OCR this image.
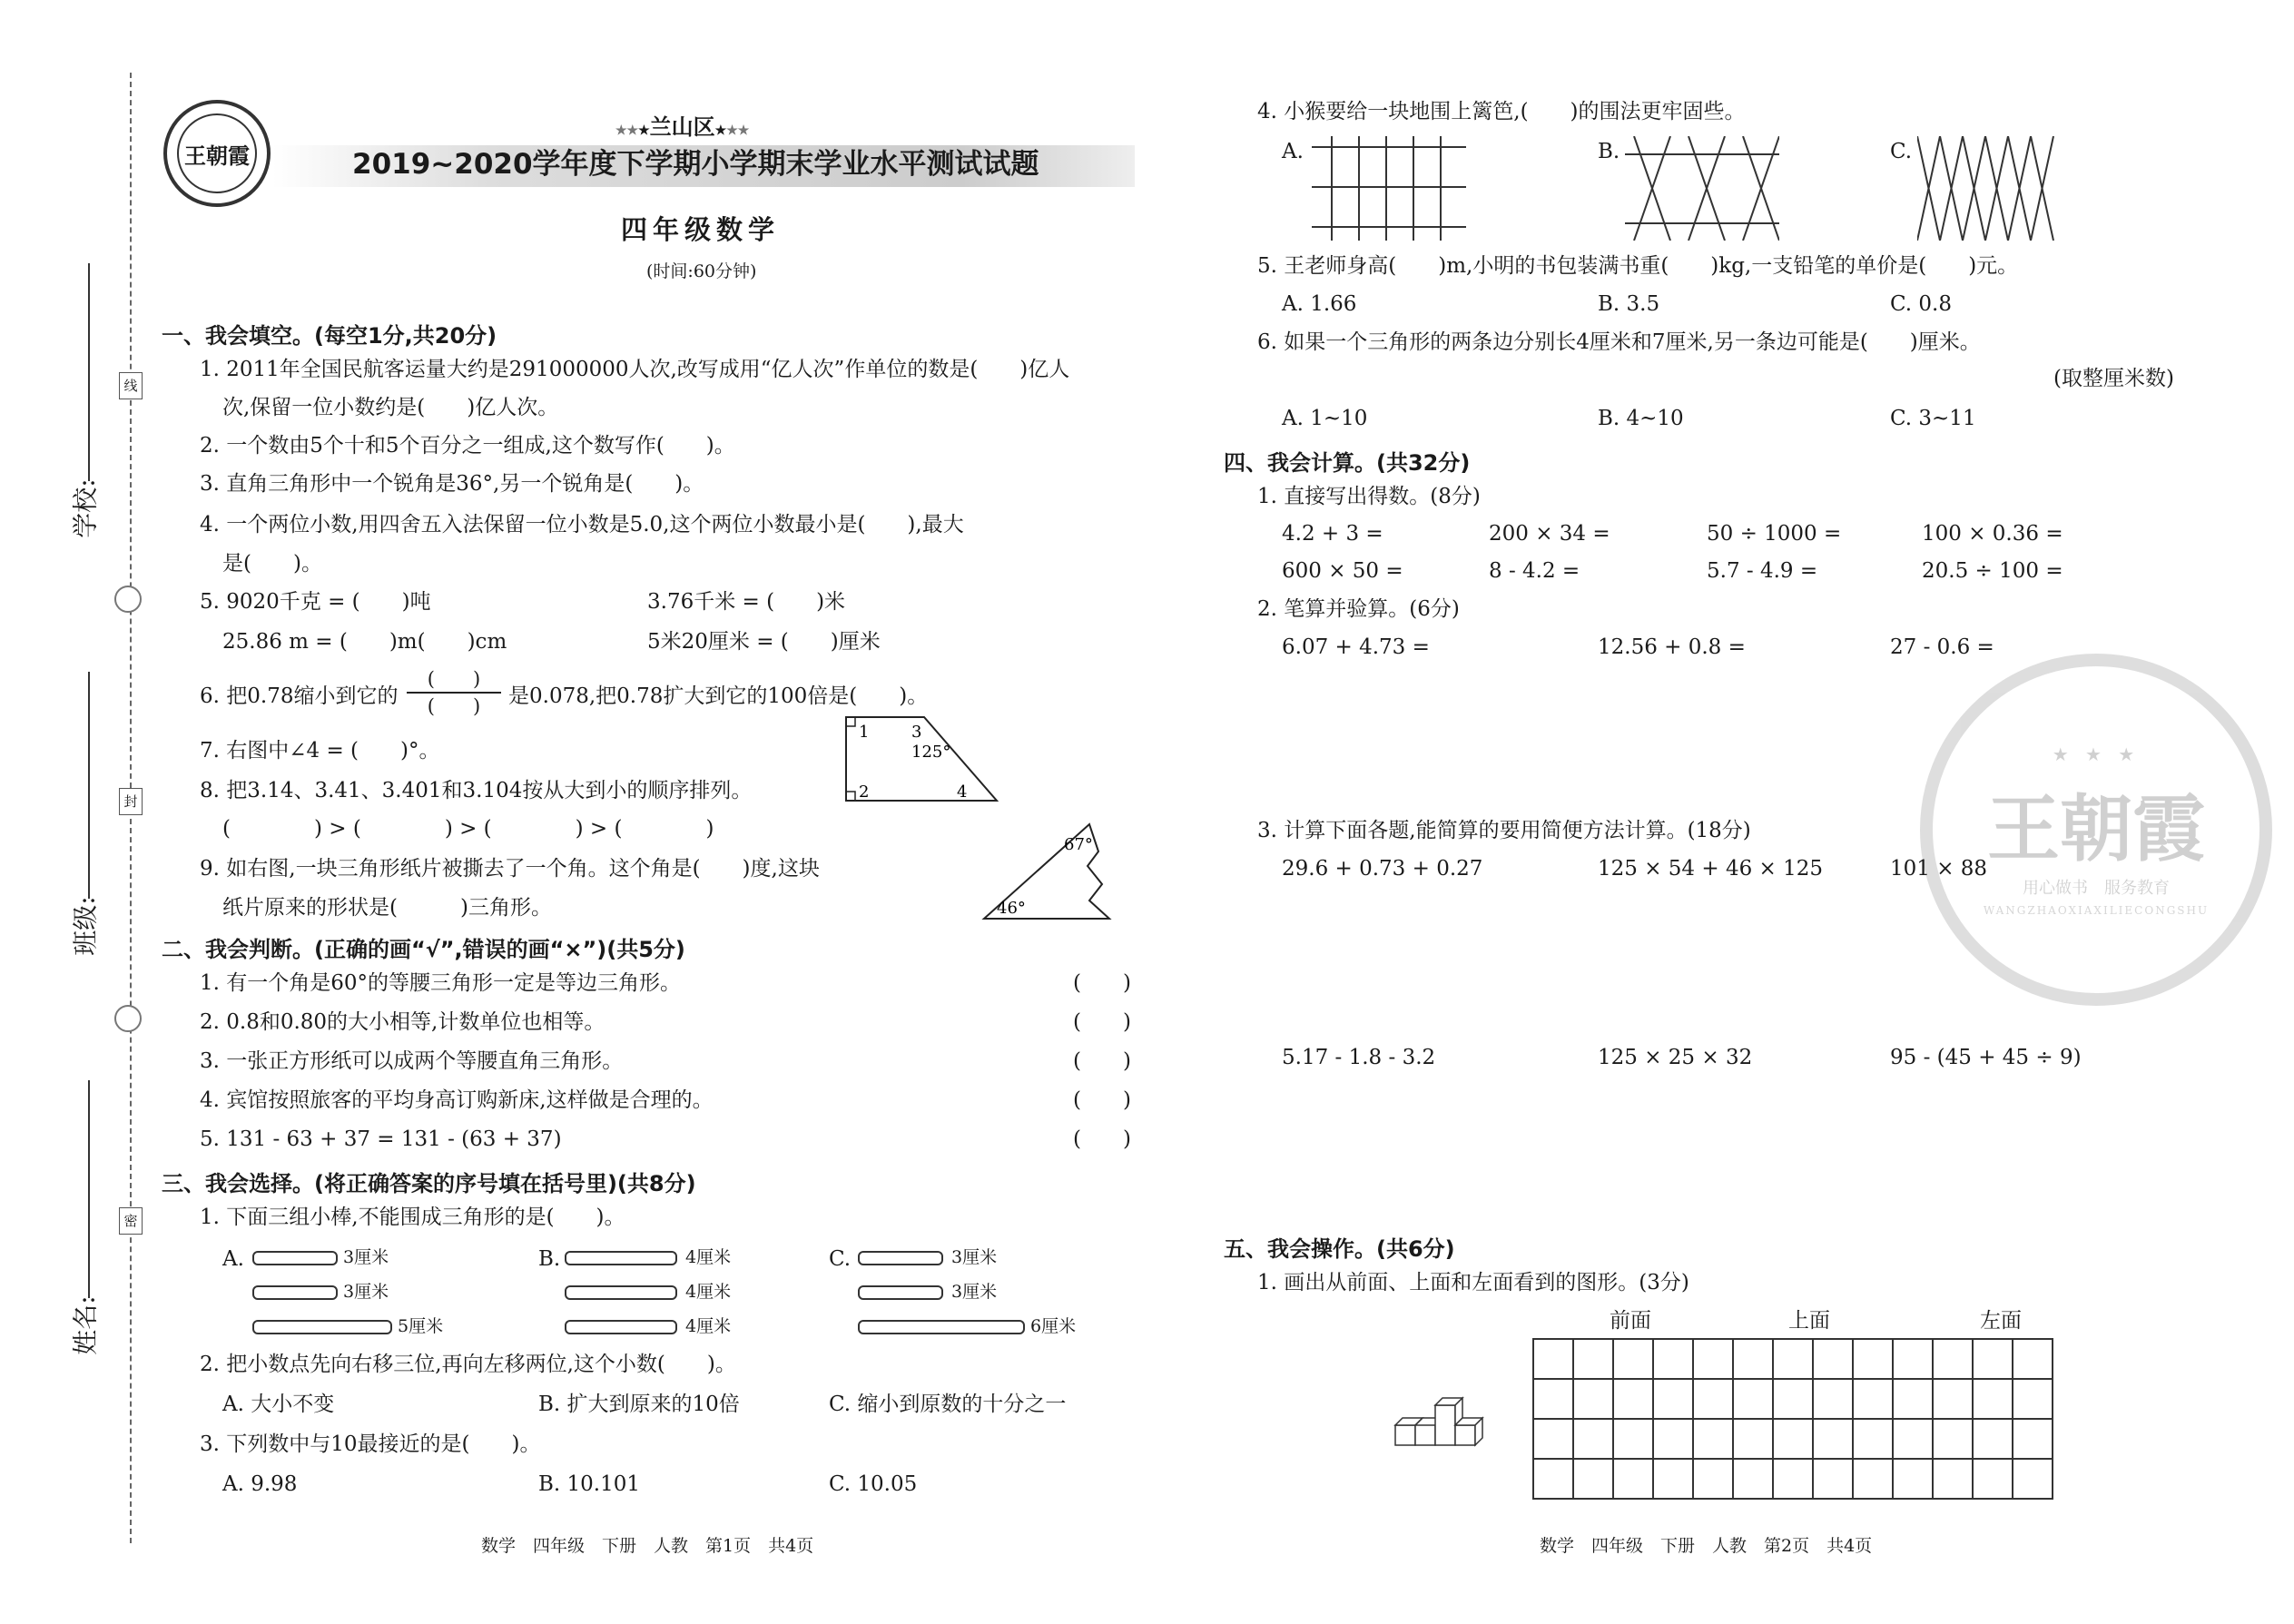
线
封
密
学校:
班级:
姓名:
王朝霞
★★★兰山区★★★
2019~2020学年度下学期小学期末学业水平测试试题
四年级数学
(时间:60分钟)
一、我会填空。(每空1分,共20分)
1. 2011年全国民航客运量大约是291000000人次,改写成用“亿人次”作单位的数是(　　)亿人
次,保留一位小数约是(　　)亿人次。
2. 一个数由5个十和5个百分之一组成,这个数写作(　　)。
3. 直角三角形中一个锐角是36°,另一个锐角是(　　)。
4. 一个两位小数,用四舍五入法保留一位小数是5.0,这个两位小数最小是(　　),最大
是(　　)。
5. 9020千克 = (　　)吨	3.76千米 = (　　)米
25.86 m = (　　)m(　　)cm	5米20厘米 = (　　)厘米
6. 把0.78缩小到它的
(　　)
(　　)	是0.078,把0.78扩大到它的100倍是(　　)。
7. 右图中∠4 = (　　)°。
1
2
3
4
125°
8. 把3.14、3.41、3.401和3.104按从大到小的顺序排列。
(　　　　) > (　　　　) > (　　　　) > (　　　　)
9. 如右图,一块三角形纸片被撕去了一个角。这个角是(　　)度,这块
纸片原来的形状是(　　　)三角形。
67°
46°
二、我会判断。(正确的画“√”,错误的画“×”)(共5分)
1. 有一个角是60°的等腰三角形一定是等边三角形。	(　　)
2. 0.8和0.80的大小相等,计数单位也相等。	(　　)
3. 一张正方形纸可以成两个等腰直角三角形。	(　　)
4. 宾馆按照旅客的平均身高订购新床,这样做是合理的。	(　　)
5. 131 - 63 + 37 = 131 - (63 + 37)	(　　)
三、我会选择。(将正确答案的序号填在括号里)(共8分)
1. 下面三组小棒,不能围成三角形的是(　　)。
A.	3厘米
3厘米
5厘米
B.	4厘米
4厘米
4厘米
C.	3厘米
3厘米
6厘米
2. 把小数点先向右移三位,再向左移两位,这个小数(　　)。
A. 大小不变	B. 扩大到原来的10倍	C. 缩小到原数的十分之一
3. 下列数中与10最接近的是(　　)。
A. 9.98	B. 10.101	C. 10.05
数学　四年级　下册　人教　第1页　共4页
4. 小猴要给一块地围上篱笆,(　　)的围法更牢固些。
A.	B.	C.
5. 王老师身高(　　)m,小明的书包装满书重(　　)kg,一支铅笔的单价是(　　)元。
A. 1.66	B. 3.5	C. 0.8
6. 如果一个三角形的两条边分别长4厘米和7厘米,另一条边可能是(　　)厘米。
(取整厘米数)
A. 1~10	B. 4~10	C. 3~11
四、我会计算。(共32分)
1. 直接写出得数。(8分)
4.2 + 3 =	200 × 34 =	50 ÷ 1000 =	100 × 0.36 =
600 × 50 =	8 - 4.2 =	5.7 - 4.9 =	20.5 ÷ 100 =
2. 笔算并验算。(6分)
6.07 + 4.73 =	12.56 + 0.8 =	27 - 0.6 =
★ ★ ★
王朝霞
用心做书　服务教育
WANGZHAOXIAXILIECONGSHU
3. 计算下面各题,能简算的要用简便方法计算。(18分)
29.6 + 0.73 + 0.27	125 × 54 + 46 × 125	101 × 88
5.17 - 1.8 - 3.2	125 × 25 × 32	95 - (45 + 45 ÷ 9)
五、我会操作。(共6分)
1. 画出从前面、上面和左面看到的图形。(3分)
前面	上面	左面
数学　四年级　下册　人教　第2页　共4页
